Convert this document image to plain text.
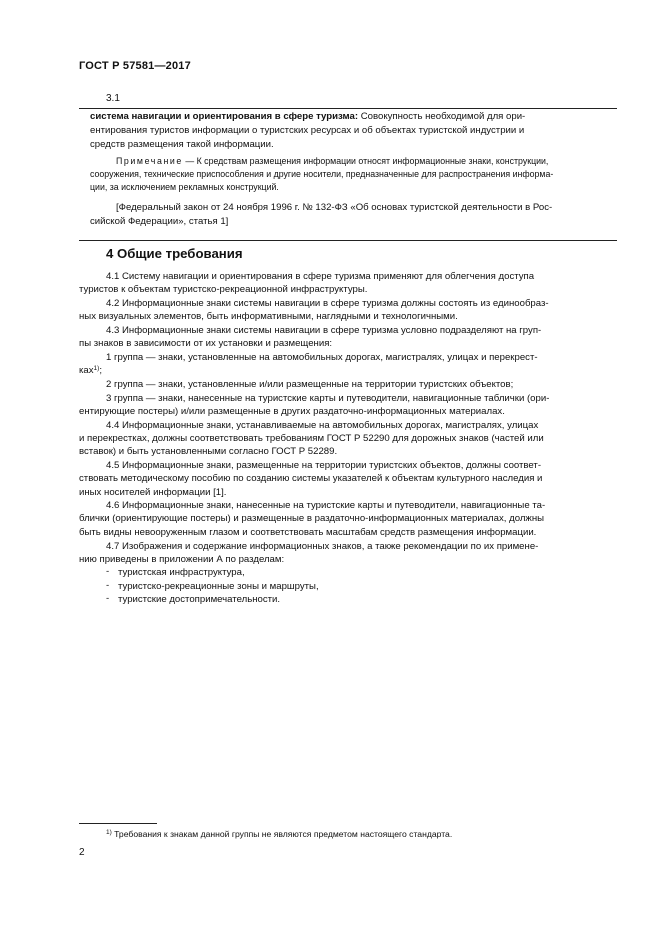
ГОСТ Р 57581—2017
3.1

система навигации и ориентирования в сфере туризма: Совокупность необходимой для ори-

ентирования туристов информации о туристских ресурсах и об объектах туристской индустрии и

средств размещения такой информации.

Примечание — К средствам размещения информации относят информационные знаки, конструкции,

сооружения, технические приспособления и другие носители, предназначенные для распространения информа-

ции, за исключением рекламных конструкций.

[Федеральный закон от 24 ноября 1996 г. № 132-ФЗ «Об основах туристской деятельности в Рос-

сийской Федерации», статья 1]

4 Общие требования

4.1 Систему навигации и ориентирования в сфере туризма применяют для облегчения доступа

туристов к объектам туристско-рекреационной инфраструктуры.

4.2 Информационные знаки системы навигации в сфере туризма должны состоять из единообраз-

ных визуальных элементов, быть информативными, наглядными и технологичными.

4.3 Информационные знаки системы навигации в сфере туризма условно подразделяют на груп-

пы знаков в зависимости от их установки и размещения:

1 группа — знаки, установленные на автомобильных дорогах, магистралях, улицах и перекрест-

ках$^{1)}$;

2 группа — знаки, установленные и/или размещенные на территории туристских объектов;

3 группа — знаки, нанесенные на туристские карты и путеводители, навигационные таблички (ори-

ентирующие постеры) и/или размещенные в других раздаточно-информационных материалах.

4.4 Информационные знаки, устанавливаемые на автомобильных дорогах, магистралях, улицах

и перекрестках, должны соответствовать требованиям ГОСТ Р 52290 для дорожных знаков (частей или

вставок) и быть установленными согласно ГОСТ Р 52289.

4.5 Информационные знаки, размещенные на территории туристских объектов, должны соответ-

ствовать методическому пособию по созданию системы указателей к объектам культурного наследия и

иных носителей информации [1].

4.6 Информационные знаки, нанесенные на туристские карты и путеводители, навигационные та-

блички (ориентирующие постеры) и размещенные в раздаточно-информационных материалах, должны

быть видны невооруженным глазом и соответствовать масштабам средств размещения информации.

4.7 Изображения и содержание информационных знаков, а также рекомендации по их примене-

нию приведены в приложении А по разделам:

- туристская инфраструктура,

- туристско-рекреационные зоны и маршруты,

- туристские достопримечательности.

$^{1)}$ Требования к знакам данной группы не являются предметом настоящего стандарта.
2
